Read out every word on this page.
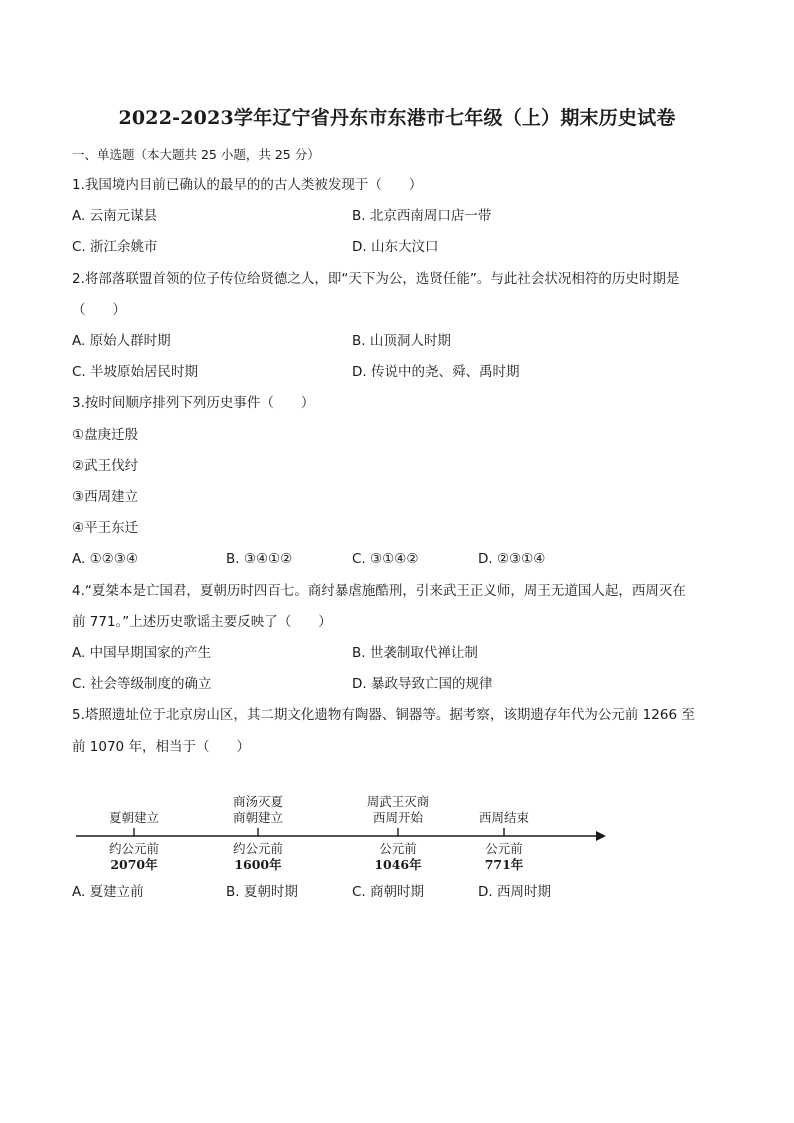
2022-2023学年辽宁省丹东市东港市七年级（上）期末历史试卷
一、单选题（本大题共 25 小题，共 25 分）
1.我国境内目前已确认的最早的的古人类被发现于（　　）
A. 云南元谋县	B. 北京西南周口店一带
C. 浙江余姚市	D. 山东大汶口
2.将部落联盟首领的位子传位给贤德之人，即“天下为公，选贤任能”。与此社会状况相符的历史时期是
（　　）
A. 原始人群时期	B. 山顶洞人时期
C. 半坡原始居民时期	D. 传说中的尧、舜、禹时期
3.按时间顺序排列下列历史事件（　　）
①盘庚迁殷
②武王伐纣
③西周建立
④平王东迁
A. ①②③④	B. ③④①②	C. ③①④②	D. ②③①④
4.“夏桀本是亡国君，夏朝历时四百七。商纣暴虐施酷刑，引来武王正义师，周王无道国人起，西周灭在
前 771。”上述历史歌谣主要反映了（　　）
A. 中国早期国家的产生	B. 世袭制取代禅让制
C. 社会等级制度的确立	D. 暴政导致亡国的规律
5.塔照遗址位于北京房山区，其二期文化遗物有陶器、铜器等。据考察，该期遗存年代为公元前 1266 至
前 1070 年，相当于（　　）
夏朝建立
约公元前
2070年
商汤灭夏
商朝建立
约公元前
1600年
周武王灭商
西周开始
公元前
1046年
西周结束
公元前
771年
A. 夏建立前	B. 夏朝时期	C. 商朝时期	D. 西周时期
